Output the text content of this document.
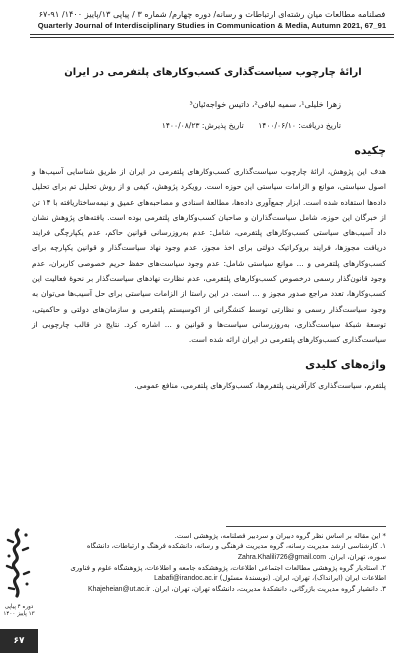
فصلنامه مطالعات میان رشته‌ای ارتباطات و رسانه/ دوره چهارم/ شماره ۳ / پیاپی ۱۳/پاییز ۱۴۰۰/ ۹۱-۶۷
Quarterly Journal of Interdisciplinary Studies in Communication & Media, Autumn 2021, 67_91
ارائهٔ چارچوب سیاست‌گذاری کسب‌وکارهای پلتفرمی در ایران
زهرا خلیلی¹، سمیه لبافی²، داتیس خواجه‌ئیان³
تاریخ دریافت: ۱۴۰۰/۰۶/۱۰      تاریخ پذیرش: ۱۴۰۰/۰۸/۲۳
چکیده
هدف این پژوهش، ارائهٔ چارچوب سیاست‌گذاری کسب‌وکارهای پلتفرمی در ایران از طریق شناسایی آسیب‌ها و اصول سیاستی، موانع و الزامات سیاستی این حوزه است. رویکرد پژوهش، کیفی و از روش تحلیل تم برای تحلیل داده‌ها استفاده شده است. ابزار جمع‌آوری داده‌ها، مطالعهٔ اسنادی و مصاحبه‌های عمیق و نیمه‌ساختاریافته با ۱۴ تن از خبرگان این حوزه، شامل سیاست‌گذاران و صاحبان کسب‌وکارهای پلتفرمی بوده است. یافته‌های پژوهش نشان داد آسیب‌های سیاستی کسب‌وکارهای پلتفرمی، شامل: عدم به‌روزرسانی قوانین حاکم، عدم یکپارچگی فرایند دریافت مجوزها، فرایند بروکراتیک دولتی برای اخذ مجوز، عدم وجود نهاد سیاست‌گذار و قوانین یکپارچه برای کسب‌وکارهای پلتفرمی و ... موانع سیاستی شامل: عدم وجود سیاست‌های حفظ حریم خصوصی کاربران، عدم وجود قانون‌گذار رسمی درخصوص کسب‌وکارهای پلتفرمی، عدم نظارت نهادهای سیاست‌گذار بر نحوهٔ فعالیت این کسب‌وکارها، تعدد مراجع صدور مجوز و ... است. در این راستا از الزامات سیاستی برای حل آسیب‌ها می‌توان به وجود سیاست‌گذار رسمی و نظارتی توسط کنشگرانی از اکوسیستم پلتفرمی و سازمان‌های دولتی و حاکمیتی، توسعهٔ شبکهٔ سیاست‌گذاری، به‌روزرسانی سیاست‌ها و قوانین و ... اشاره کرد. نتایج در قالب چارچوبی از سیاست‌گذاری کسب‌وکارهای پلتفرمی در ایران ارائه شده است.
واژه‌های کلیدی
پلتفرم، سیاست‌گذاری کارآفرینی پلتفرم‌ها، کسب‌وکارهای پلتفرمی، منافع عمومی.

* این مقاله بر اساس نظر گروه دبیران و سردبیر فصلنامه، پژوهشی است.

۱. کارشناسی ارشد مدیریت رسانه، گروه مدیریت فرهنگی و رسانه، دانشکده فرهنگ و ارتباطات، دانشگاه سوره، تهران، ایران. Zahra.Khalili726@gmail.com

۲. استادیار گروه پژوهشی مطالعات اجتماعی اطلاعات، پژوهشکده جامعه و اطلاعات، پژوهشگاه علوم و فناوری اطلاعات ایران (ایرانداک)، تهران، ایران. (نویسندهٔ مسئول) Labafi@irandoc.ac.ir

۳. دانشیار گروه مدیریت بازرگانی، دانشکدهٔ مدیریت، دانشگاه تهران، تهران، ایران. Khajeheian@ut.ac.ir

دوره ۴ پیاپی ۱۳ پاییز ۱۴۰۰
۶۷
